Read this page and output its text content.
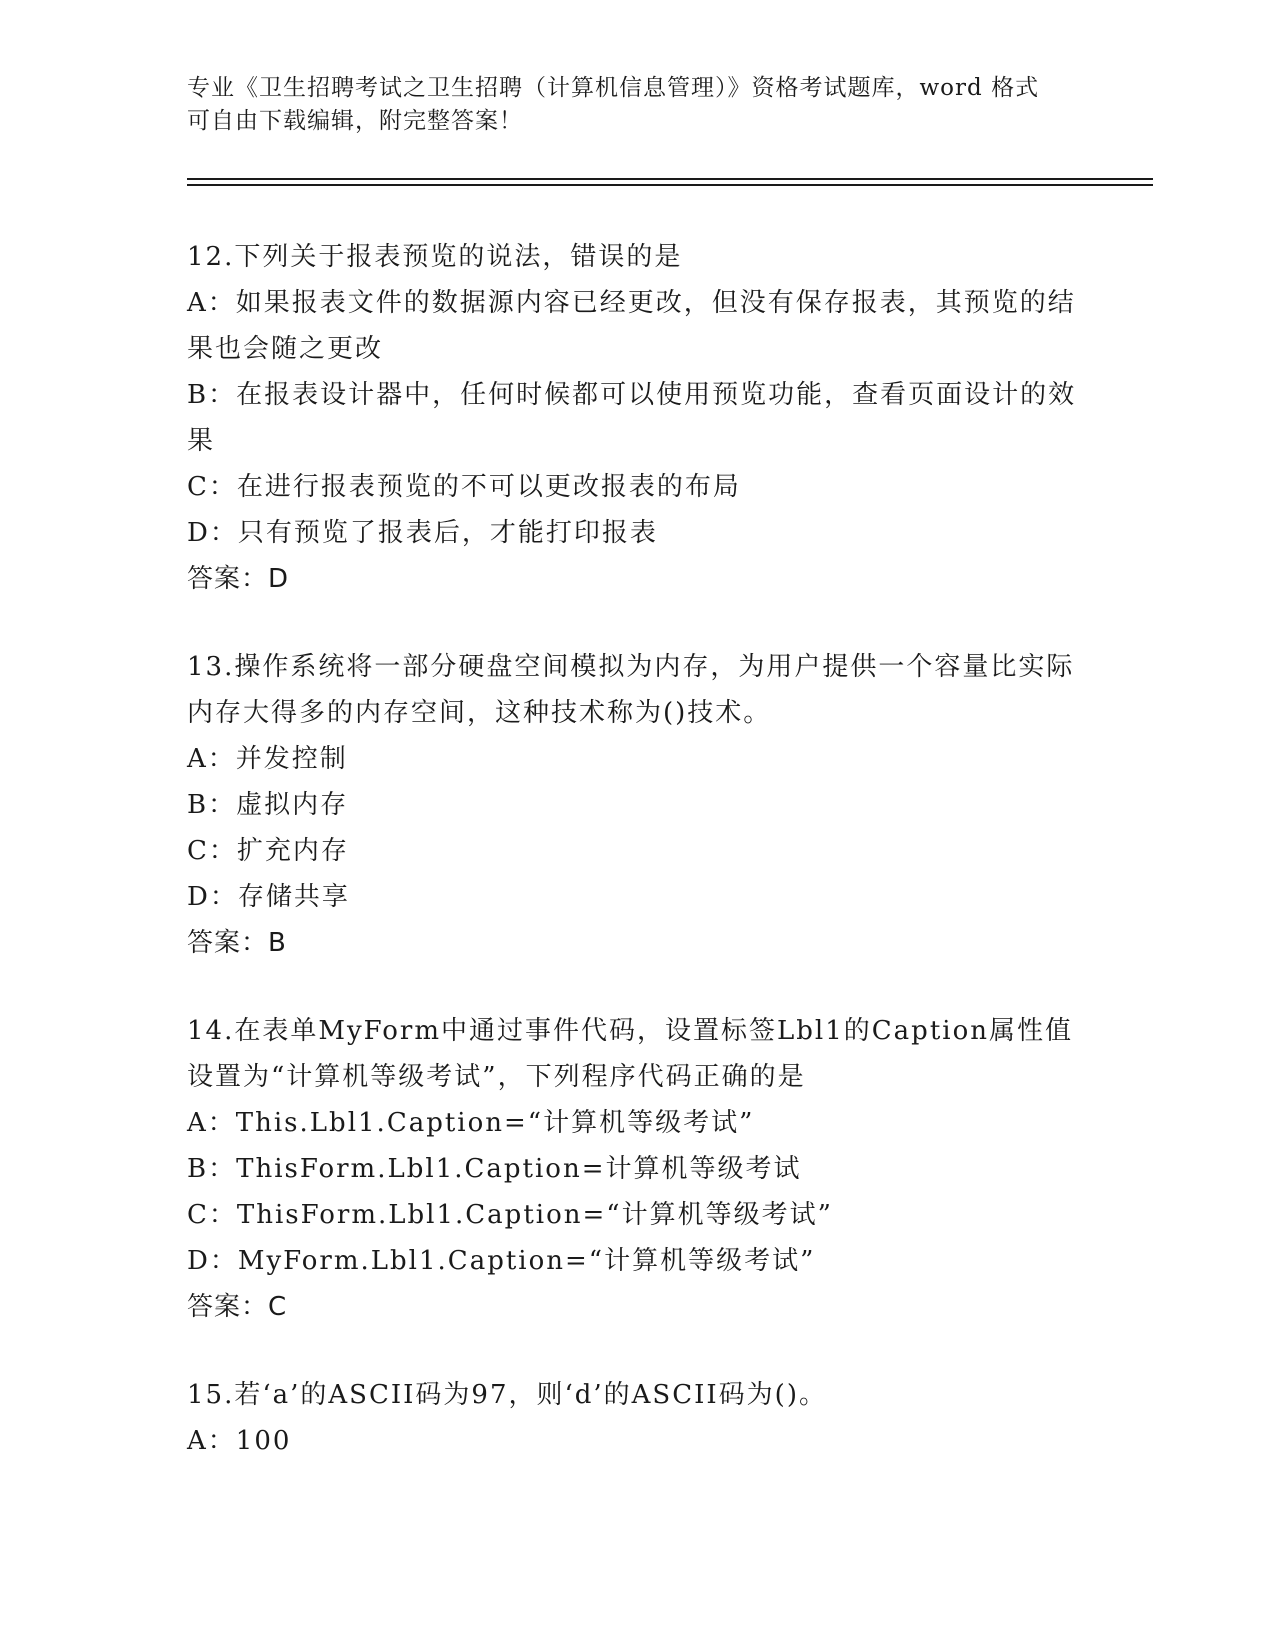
专业《卫生招聘考试之卫生招聘（计算机信息管理）》资格考试题库，word 格式
可自由下载编辑，附完整答案！

12.下列关于报表预览的说法，错误的是

A：如果报表文件的数据源内容已经更改，但没有保存报表，其预览的结果也会随之更改

B：在报表设计器中，任何时候都可以使用预览功能，查看页面设计的效果

C：在进行报表预览的不可以更改报表的布局

D：只有预览了报表后，才能打印报表

答案：D

13.操作系统将一部分硬盘空间模拟为内存，为用户提供一个容量比实际内存大得多的内存空间，这种技术称为()技术。

A：并发控制

B：虚拟内存

C：扩充内存

D：存储共享

答案：B

14.在表单MyForm中通过事件代码，设置标签Lbl1的Caption属性值设置为“计算机等级考试”，下列程序代码正确的是

A：This.Lbl1.Caption=“计算机等级考试”

B：ThisForm.Lbl1.Caption=计算机等级考试

C：ThisForm.Lbl1.Caption=“计算机等级考试”

D：MyForm.Lbl1.Caption=“计算机等级考试”

答案：C

15.若‘a’的ASCII码为97，则‘d’的ASCII码为()。

A：100
